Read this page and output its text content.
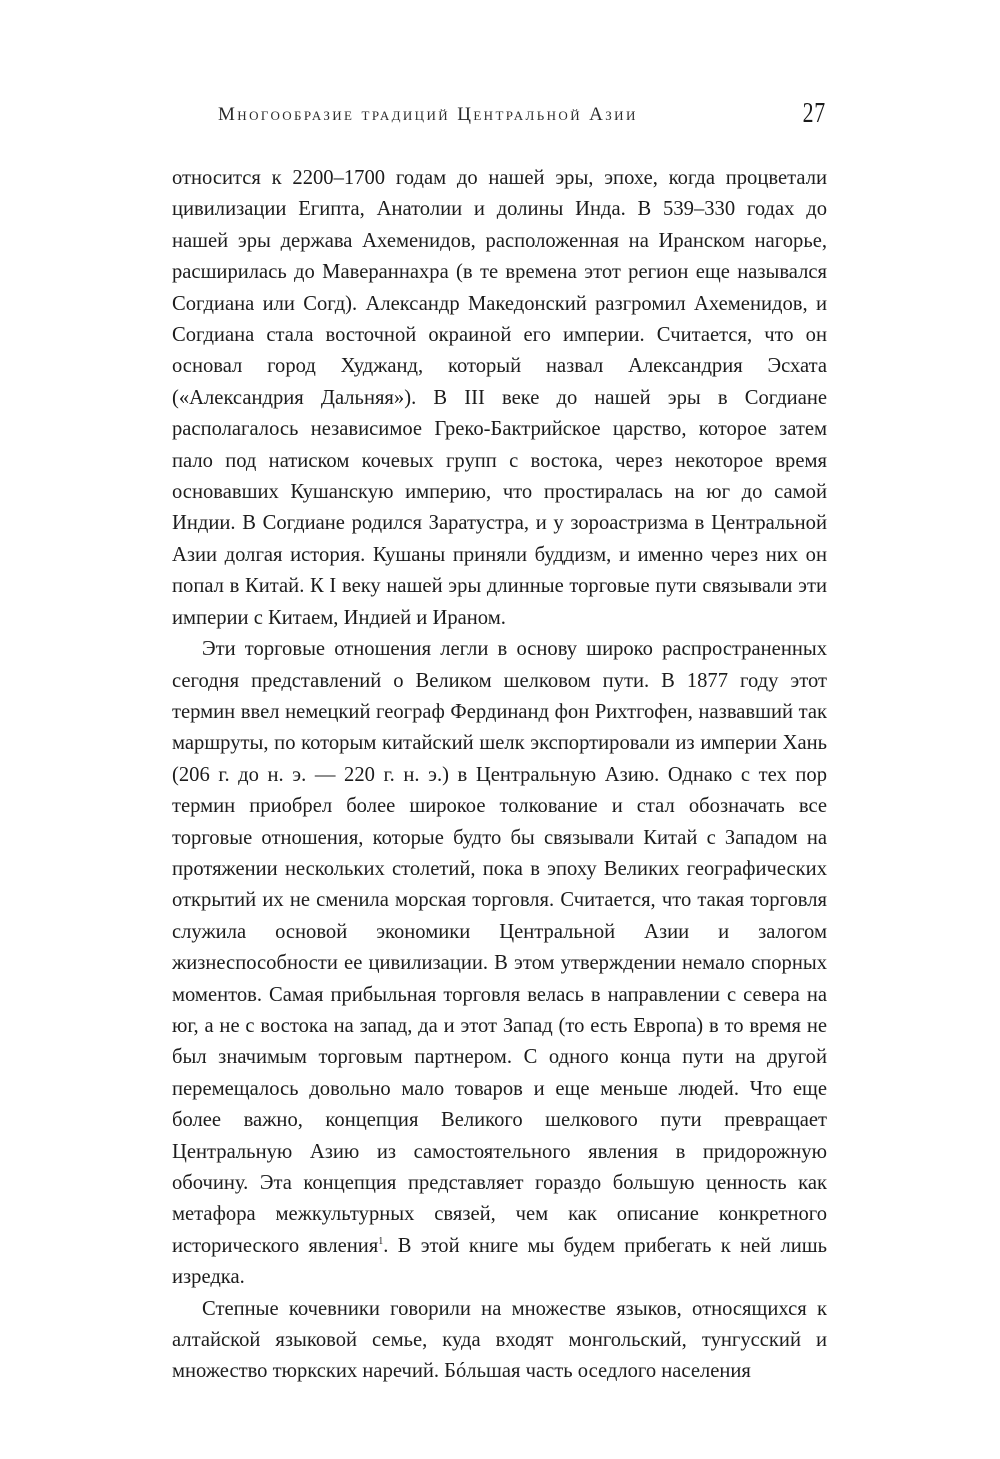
Многообразие традиций Центральной Азии	27

относится к 2200–1700 годам до нашей эры, эпохе, когда процветали цивилизации Египта, Анатолии и долины Инда. В 539–330 годах до нашей эры держава Ахеменидов, расположенная на Иранском нагорье, расширилась до Мавераннахра (в те времена этот регион еще назывался Согдиана или Согд). Александр Македонский разгромил Ахеменидов, и Согдиана стала восточной окраиной его империи. Считается, что он основал город Худжанд, который назвал Александрия Эсхата («Александрия Дальняя»). В III веке до нашей эры в Согдиане располагалось независимое Греко-Бактрийское царство, которое затем пало под натиском кочевых групп с востока, через некоторое время основавших Кушанскую империю, что простиралась на юг до самой Индии. В Согдиане родился Заратустра, и у зороастризма в Центральной Азии долгая история. Кушаны приняли буддизм, и именно через них он попал в Китай. К I веку нашей эры длинные торговые пути связывали эти империи с Китаем, Индией и Ираном.

Эти торговые отношения легли в основу широко распространенных сегодня представлений о Великом шелковом пути. В 1877 году этот термин ввел немецкий географ Фердинанд фон Рихтгофен, назвавший так маршруты, по которым китайский шелк экспортировали из империи Хань (206 г. до н. э. — 220 г. н. э.) в Центральную Азию. Однако с тех пор термин приобрел более широкое толкование и стал обозначать все торговые отношения, которые будто бы связывали Китай с Западом на протяжении нескольких столетий, пока в эпоху Великих географических открытий их не сменила морская торговля. Считается, что такая торговля служила основой экономики Центральной Азии и залогом жизнеспособности ее цивилизации. В этом утверждении немало спорных моментов. Самая прибыльная торговля велась в направлении с севера на юг, а не с востока на запад, да и этот Запад (то есть Европа) в то время не был значимым торговым партнером. С одного конца пути на другой перемещалось довольно мало товаров и еще меньше людей. Что еще более важно, концепция Великого шелкового пути превращает Центральную Азию из самостоятельного явления в придорожную обочину. Эта концепция представляет гораздо большую ценность как метафора межкультурных связей, чем как описание конкретного исторического явления$^1$. В этой книге мы будем прибегать к ней лишь изредка.

Степные кочевники говорили на множестве языков, относящихся к алтайской языковой семье, куда входят монгольский, тунгусский и множество тюркских наречий. Бóльшая часть оседлого населения
